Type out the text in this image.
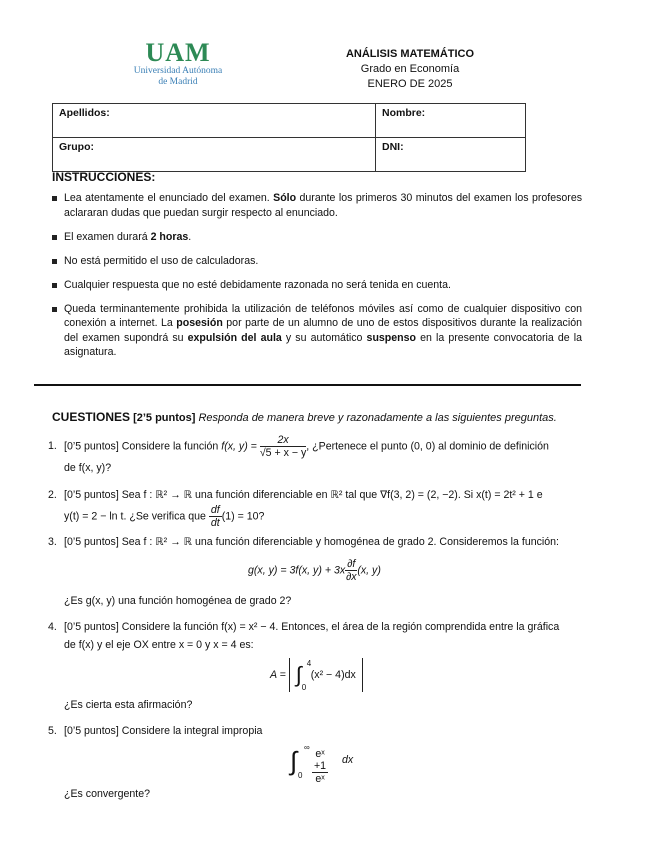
UAM
Universidad Autónoma
de Madrid
ANÁLISIS MATEMÁTICO
Grado en Economía
ENERO DE 2025
Apellidos:	Nombre:
Grupo:	DNI:
INSTRUCCIONES:
Lea atentamente el enunciado del examen. Sólo durante los primeros 30 minutos del examen los profesores aclararan dudas que puedan surgir respecto al enunciado.
El examen durará 2 horas.
No está permitido el uso de calculadoras.
Cualquier respuesta que no esté debidamente razonada no será tenida en cuenta.
Queda terminantemente prohibida la utilización de teléfonos móviles así como de cualquier dispositivo con conexión a internet. La posesión por parte de un alumno de uno de estos dispositivos durante la realización del examen supondrá su expulsión del aula y su automático suspenso en la presente convocatoria de la asignatura.
CUESTIONES [2’5 puntos] Responda de manera breve y razonadamente a las siguientes preguntas.
1. [0’5 puntos] Considere la función f(x, $y) = \frac{2x}{√5 + x - y}$ , ¿Pertenece el punto (0, 0) al dominio de definición
de f(x, y)?
2. [0’5 puntos] Sea f : ℝ² → ℝ una función diferenciable en ℝ² tal que ∇f(3, 2) = (2, −2). Si x(t) = 2t² + 1 e
y(t) = 2 − ln t. ¿Se verifica que $\frac{df}{dt} (1) = 10$?
3. [0’5 puntos] Sea f : ℝ² → ℝ una función diferenciable y homogénea de grado 2. Consideremos la función:
g(x, y) = 3f(x, $y) + 3x \frac{\partial f}{\partial x} (x$, y)
¿Es g(x, y) una función homogénea de grado 2?
4. [0’5 puntos] Considere la función f(x) = x² − 4. Entonces, el área de la región comprendida entre la gráfica
de f(x) y el eje OX entre x = 0 y x = 4 es:
A = ∫ 4
0
(x² − 4)dx
¿Es cierta esta afirmación?
5. [0’5 puntos] Considere la integral impropia
∫ ∞
$0 \frac{\text{eˣ +1}}{\text{eˣ}}$ dx
¿Es convergente?
